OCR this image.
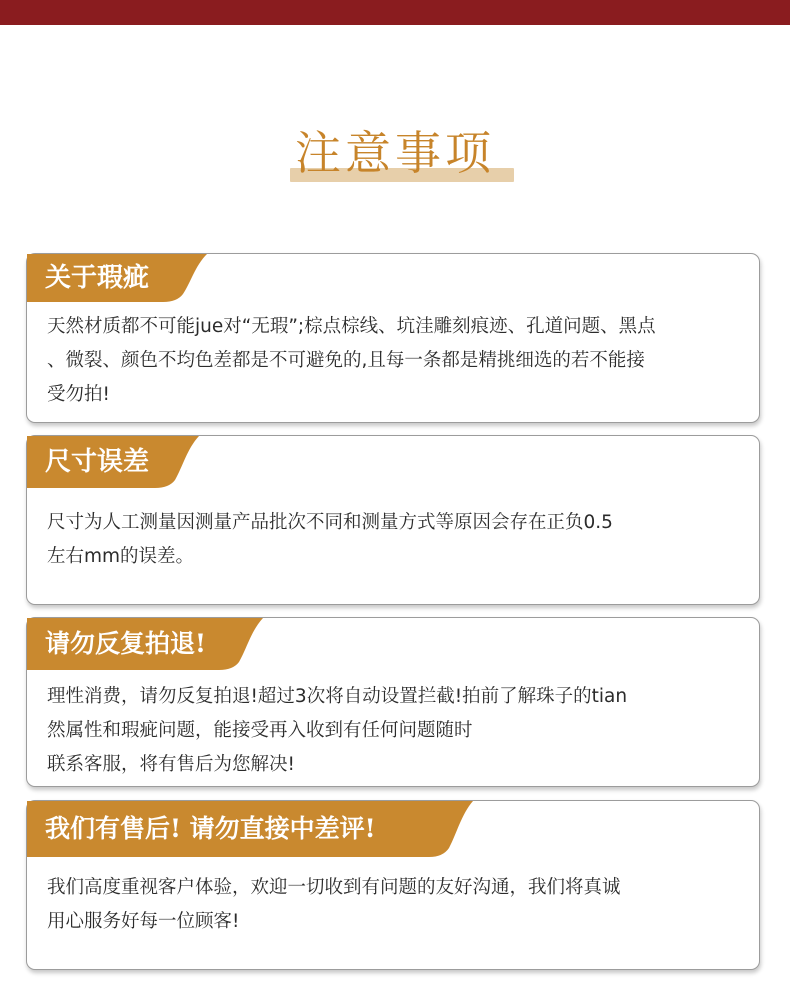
注意事项
关于瑕疵
天然材质都不可能jue对“无瑕”;棕点棕线、坑洼雕刻痕迹、孔道问题、黑点
、微裂、颜色不均色差都是不可避免的,且每一条都是精挑细选的若不能接
受勿拍!
尺寸误差
尺寸为人工测量因测量产品批次不同和测量方式等原因会存在正负0.5
左右mm的误差。
请勿反复拍退!
理性消费，请勿反复拍退!超过3次将自动设置拦截!拍前了解珠子的tian
然属性和瑕疵问题，能接受再入收到有任何问题随时
联系客服，将有售后为您解决!
我们有售后! 请勿直接中差评!
我们高度重视客户体验，欢迎一切收到有问题的友好沟通，我们将真诚
用心服务好每一位顾客!
